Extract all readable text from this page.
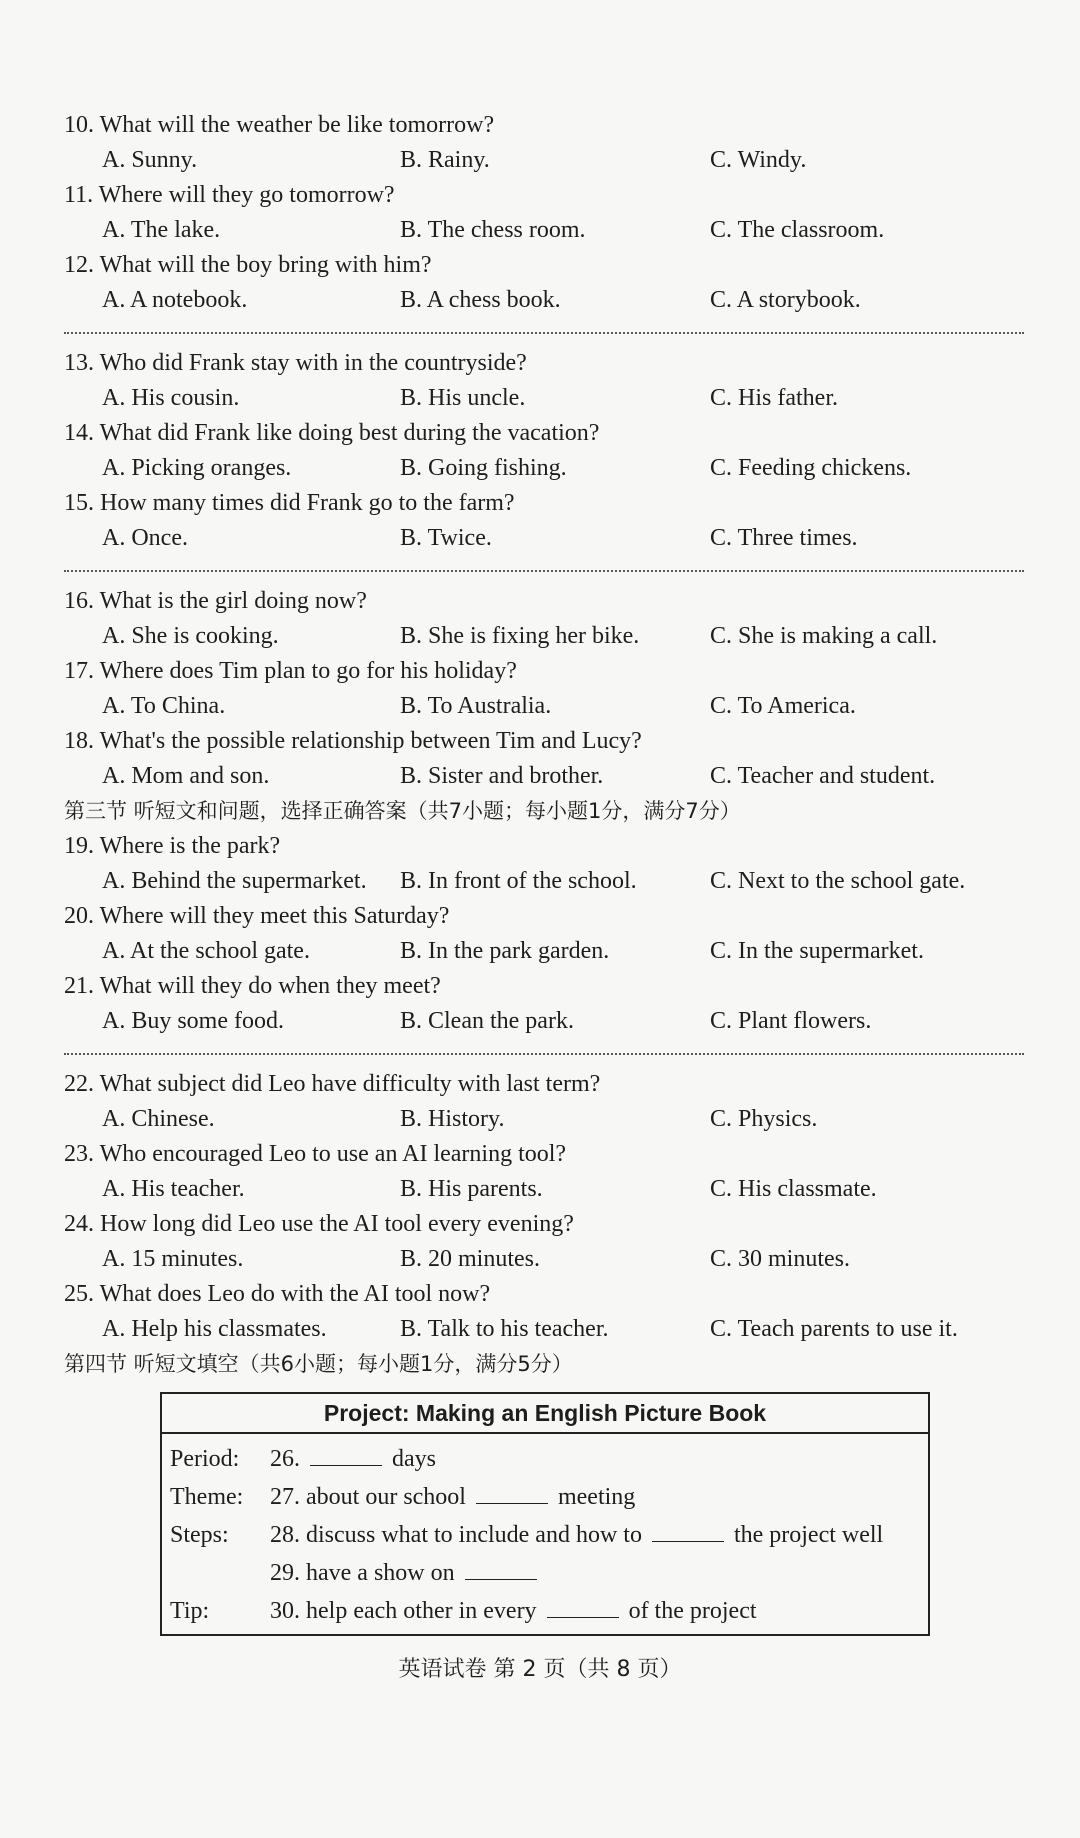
10. What will the weather be like tomorrow?
A. Sunny.	B. Rainy.	C. Windy.
11. Where will they go tomorrow?
A. The lake.	B. The chess room.	C. The classroom.
12. What will the boy bring with him?
A. A notebook.	B. A chess book.	C. A storybook.
13. Who did Frank stay with in the countryside?
A. His cousin.	B. His uncle.	C. His father.
14. What did Frank like doing best during the vacation?
A. Picking oranges.	B. Going fishing.	C. Feeding chickens.
15. How many times did Frank go to the farm?
A. Once.	B. Twice.	C. Three times.
16. What is the girl doing now?
A. She is cooking.	B. She is fixing her bike.	C. She is making a call.
17. Where does Tim plan to go for his holiday?
A. To China.	B. To Australia.	C. To America.
18. What's the possible relationship between Tim and Lucy?
A. Mom and son.	B. Sister and brother.	C. Teacher and student.
第三节 听短文和问题，选择正确答案（共7小题；每小题1分，满分7分）
19. Where is the park?
A. Behind the supermarket.	B. In front of the school.	C. Next to the school gate.
20. Where will they meet this Saturday?
A. At the school gate.	B. In the park garden.	C. In the supermarket.
21. What will they do when they meet?
A. Buy some food.	B. Clean the park.	C. Plant flowers.
22. What subject did Leo have difficulty with last term?
A. Chinese.	B. History.	C. Physics.
23. Who encouraged Leo to use an AI learning tool?
A. His teacher.	B. His parents.	C. His classmate.
24. How long did Leo use the AI tool every evening?
A. 15 minutes.	B. 20 minutes.	C. 30 minutes.
25. What does Leo do with the AI tool now?
A. Help his classmates.	B. Talk to his teacher.	C. Teach parents to use it.
第四节 听短文填空（共6小题；每小题1分，满分5分）
Project: Making an English Picture Book
Period:	26.	days
Theme:	27. about our school	meeting
Steps:	28. discuss what to include and how to	the project well
29. have a show on
Tip:	30. help each other in every	of the project
英语试卷 第 2 页（共 8 页）
